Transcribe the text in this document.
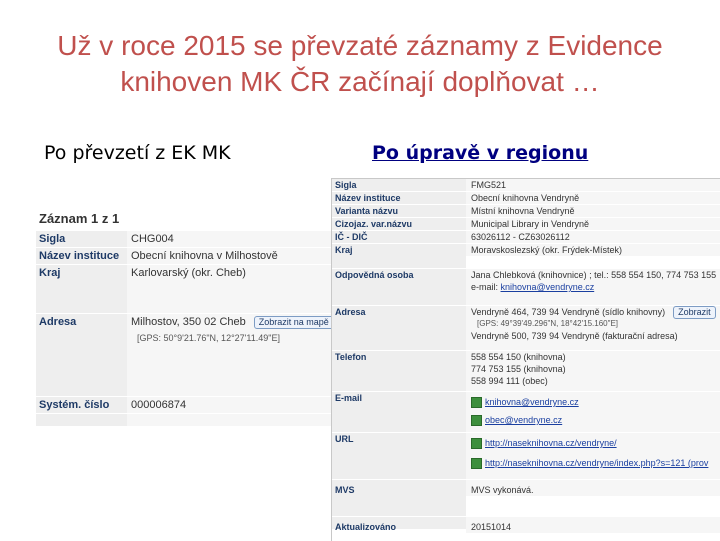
Už v roce 2015 se převzaté záznamy z Evidence
knihoven MK ČR začínají doplňovat …
Po převzetí z EK MK	Po úpravě v regionu
Záznam 1 z 1
Sigla	CHG004
Název instituce	Obecní knihovna v Milhostově
Kraj	Karlovarský (okr. Cheb)
Adresa	Milhostov, 350 02 Cheb Zobrazit na mapě
[GPS: 50°9'21.76"N, 12°27'11.49"E]
Systém. číslo	000006874
Sigla	FMG521
Název instituce	Obecní knihovna Vendryně
Varianta názvu	Místní knihovna Vendryně
Cizojaz. var.názvu	Municipal Library in Vendryně
IČ - DIČ	63026112 - CZ63026112
Kraj	Moravskoslezský (okr. Frýdek-Místek)
Odpovědná osoba	Jana Chlebková (knihovnice) ; tel.: 558 554 150, 774 753 155
e-mail: knihovna@vendryne.cz
Adresa	Vendryně 464, 739 94 Vendryně (sídlo knihovny) Zobrazit
[GPS: 49°39'49.296"N, 18°42'15.160"E]
Vendryně 500, 739 94 Vendryně (fakturační adresa)
Telefon	558 554 150 (knihovna)
774 753 155 (knihovna)
558 994 111 (obec)
E-mail	knihovna@vendryne.cz
obec@vendryne.cz
URL	http://naseknihovna.cz/vendryne/
http://naseknihovna.cz/vendryne/index.php?s=121 (prov
MVS	MVS vykonává.
Aktualizováno	20151014
